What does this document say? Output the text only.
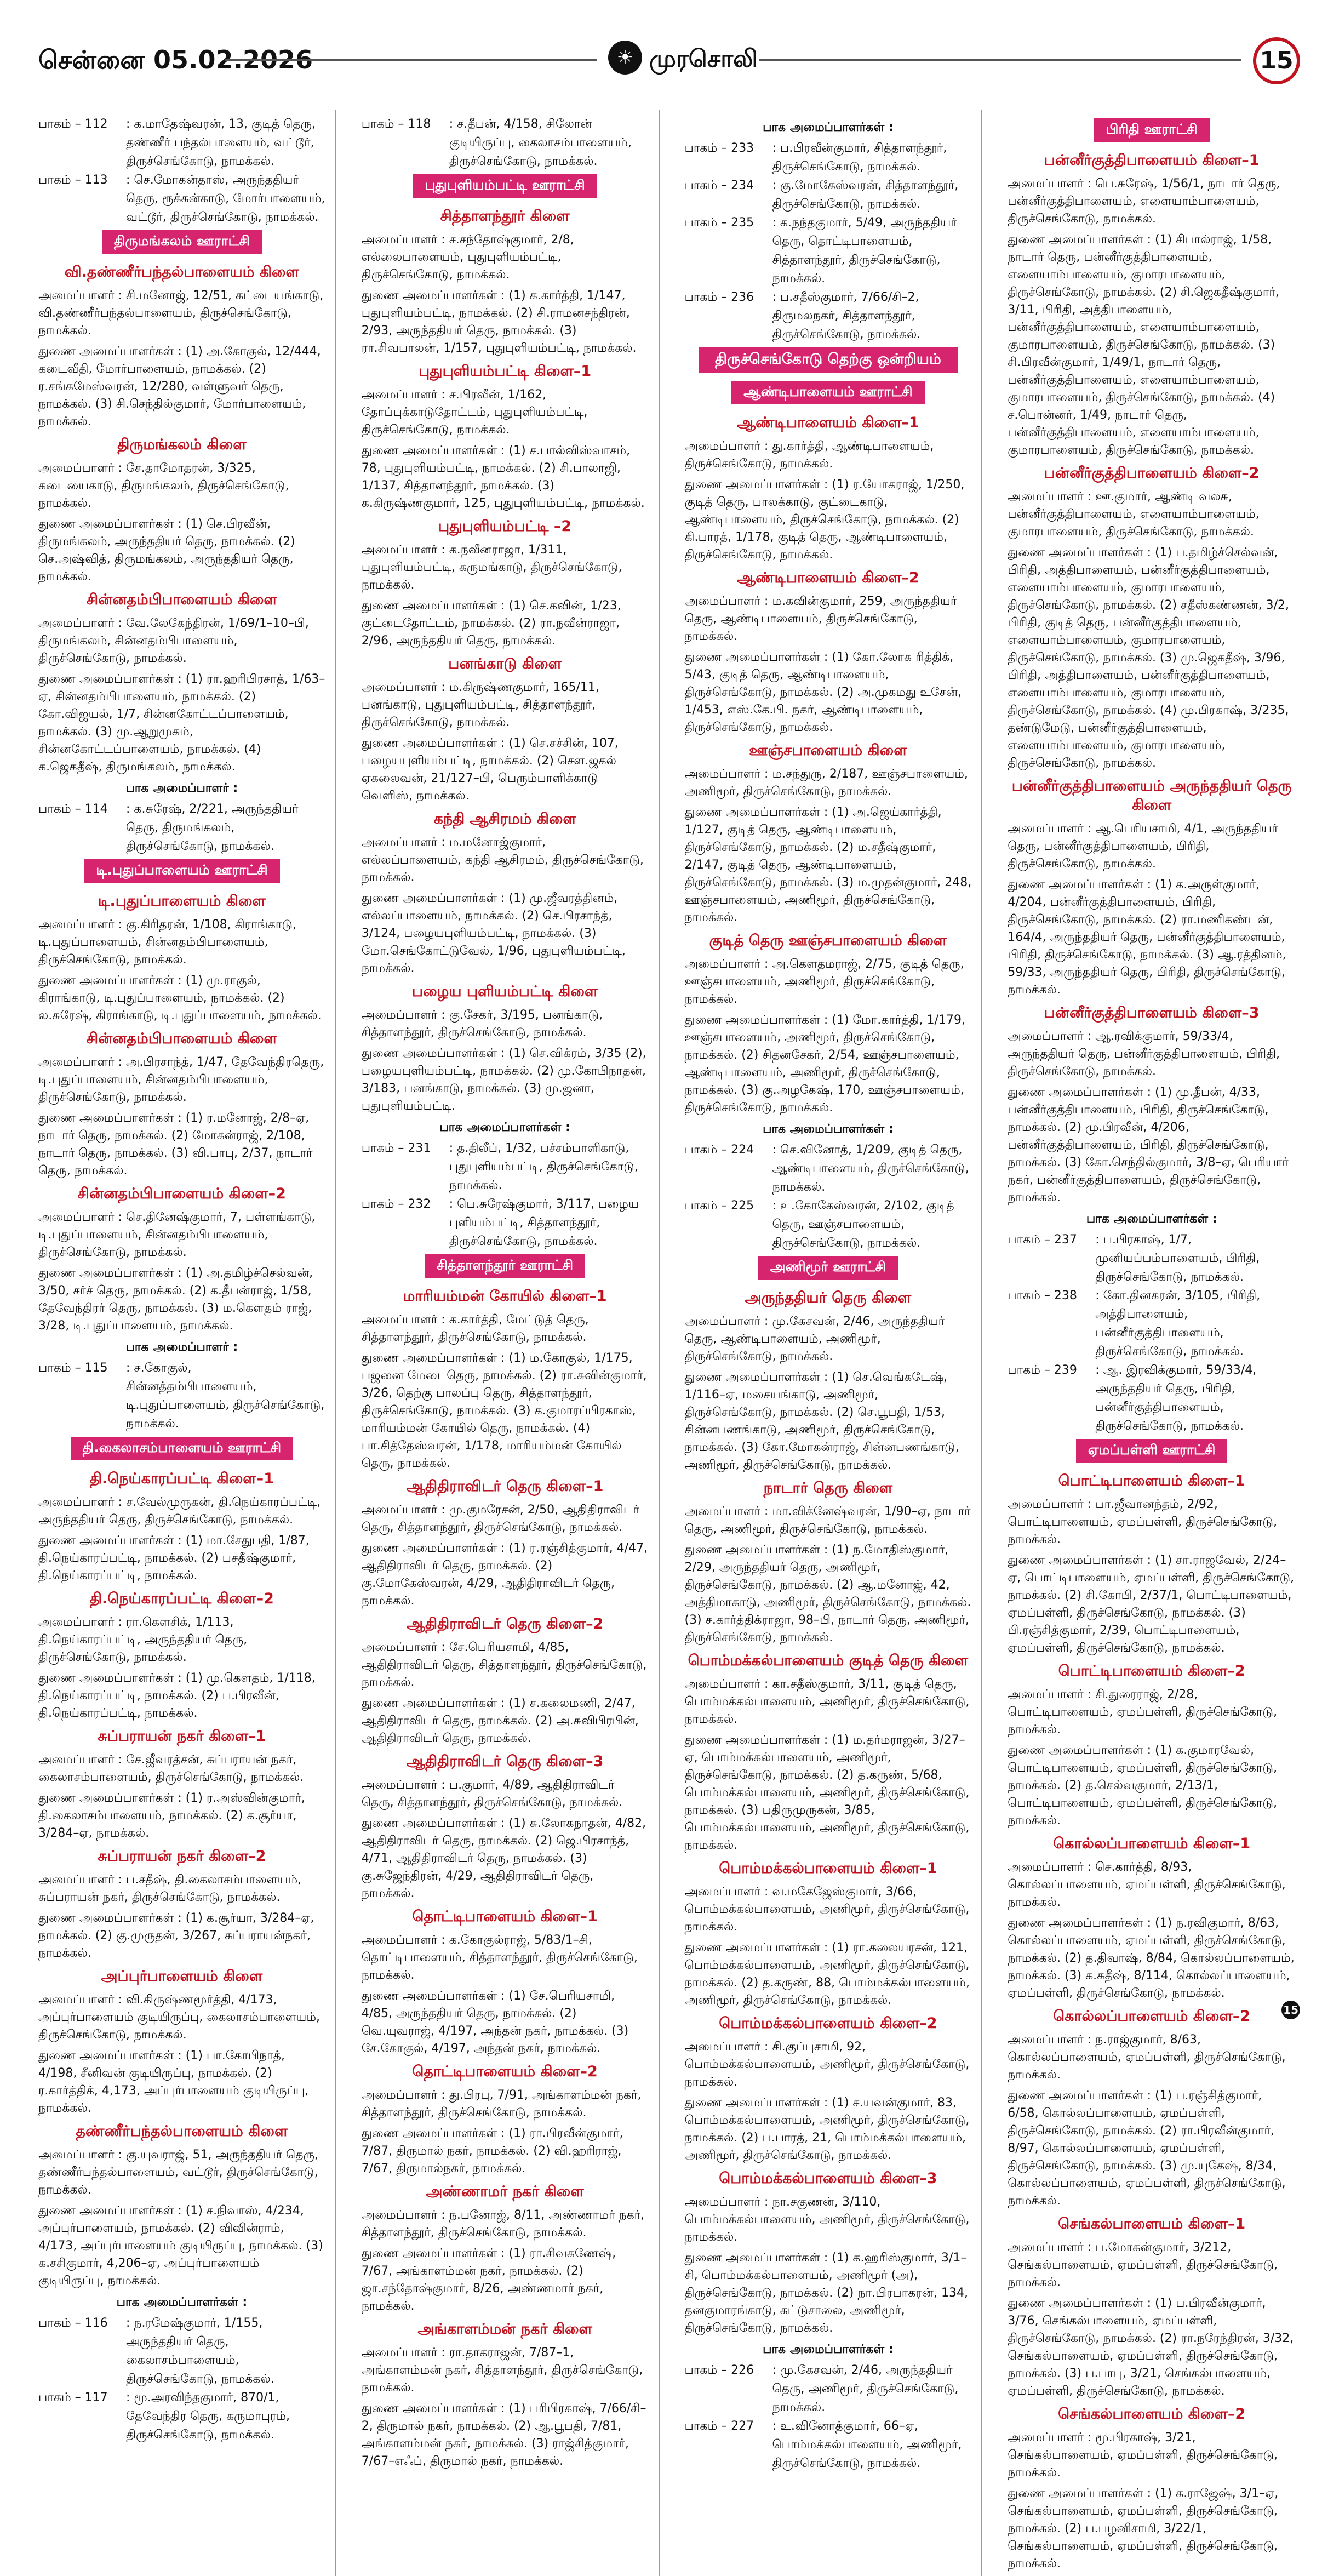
சென்னை 05.02.2026	☀ முரசொலி	15
பாகம் – 112	: க.மாதேஷ்வரன், 13, குடித் தெரு, தண்ணீர் பந்தல்பாளையம், வட்டூர், திருச்செங்கோடு, நாமக்கல்.
பாகம் – 113	: செ.மோகன்தாஸ், அருந்ததியர் தெரு, ரூக்கன்காடு, மோர்பாளையம், வட்டூர், திருச்செங்கோடு, நாமக்கல்.
திருமங்கலம் ஊராட்சி
வி.தண்ணீர்பந்தல்பாளையம் கிளை
அமைப்பாளர் : சி.மனோஜ், 12/51, கட்டையங்காடு, வி.தண்ணீர்பந்தல்பாளையம், திருச்செங்கோடு, நாமக்கல்.
துணை அமைப்பாளர்கள் : (1) அ.கோகுல், 12/444, கடைவீதி, மோர்பாளையம், நாமக்கல். (2) ர.சங்கமேஸ்வரன், 12/280, வள்ளுவர் தெரு, நாமக்கல். (3) சி.செந்தில்குமார், மோர்பாளையம், நாமக்கல்.
திருமங்கலம் கிளை
அமைப்பாளர் : சே.தாமோதரன், 3/325, கடையைகாடு, திருமங்கலம், திருச்செங்கோடு, நாமக்கல்.
துணை அமைப்பாளர்கள் : (1) செ.பிரவீன், திருமங்கலம், அருந்ததியர் தெரு, நாமக்கல். (2) செ.அஷ்வித், திருமங்கலம், அருந்ததியர் தெரு, நாமக்கல்.
சின்னதம்பிபாளையம் கிளை
அமைப்பாளர் : வே.லேகேந்திரன், 1/69/1–10–பி, திருமங்கலம், சின்னதம்பிபாளையம், திருச்செங்கோடு, நாமக்கல்.
துணை அமைப்பாளர்கள் : (1) ரா.ஹரிபிரசாத், 1/63–ஏ, சின்னதம்பிபாளையம், நாமக்கல். (2) கோ.விஜயல், 1/7, சின்னகோட்டப்பாளையம், நாமக்கல். (3) மு.ஆறுமுகம், சின்னகோட்டப்பாளையம், நாமக்கல். (4) க.ஜெகதீஷ், திருமங்கலம், நாமக்கல்.
பாக அமைப்பாளர் :
பாகம் – 114	: க.சுரேஷ், 2/221, அருந்ததியர் தெரு, திருமங்கலம், திருச்செங்கோடு, நாமக்கல்.
டி.புதுப்பாளையம் ஊராட்சி
டி.புதுப்பாளையம் கிளை
அமைப்பாளர் : கு.கிரிதரன், 1/108, கிராங்காடு, டி.புதுப்பாளையம், சின்னதம்பிபாளையம், திருச்செங்கோடு, நாமக்கல்.
துணை அமைப்பாளர்கள் : (1) மு.ராகுல், கிராங்காடு, டி.புதுப்பாளையம், நாமக்கல். (2) ல.சுரேஷ், கிராங்காடு, டி.புதுப்பாளையம், நாமக்கல்.
சின்னதம்பிபாளையம் கிளை
அமைப்பாளர் : அ.பிரசாந்த், 1/47, தேவேந்திரதெரு, டி.புதுப்பாளையம், சின்னதம்பிபாளையம், திருச்செங்கோடு, நாமக்கல்.
துணை அமைப்பாளர்கள் : (1) ர.மனோஜ், 2/8–ஏ, நாடார் தெரு, நாமக்கல். (2) மோகன்ராஜ், 2/108, நாடார் தெரு, நாமக்கல். (3) வி.பாபு, 2/37, நாடார் தெரு, நாமக்கல்.
சின்னதம்பிபாளையம் கிளை–2
அமைப்பாளர் : செ.தினேஷ்குமார், 7, பள்ளங்காடு, டி.புதுப்பாளையம், சின்னதம்பிபாளையம், திருச்செங்கோடு, நாமக்கல்.
துணை அமைப்பாளர்கள் : (1) அ.தமிழ்ச்செல்வன், 3/50, சர்ச் தெரு, நாமக்கல். (2) க.தீபன்ராஜ், 1/58, தேவேந்திரர் தெரு, நாமக்கல். (3) ம.கௌதம் ராஜ், 3/28, டி.புதுப்பாளையம், நாமக்கல்.
பாக அமைப்பாளர் :
பாகம் – 115	: ச.கோகுல், சின்னத்தம்பிபாளையம், டி.புதுப்பாளையம், திருச்செங்கோடு, நாமக்கல்.
தி.கைலாசம்பாளையம் ஊராட்சி
தி.நெய்காரப்பட்டி கிளை–1
அமைப்பாளர் : ச.வேல்முருகன், தி.நெய்காரப்பட்டி, அருந்ததியர் தெரு, திருச்செங்கோடு, நாமக்கல்.
துணை அமைப்பாளர்கள் : (1) மா.சேதுபதி, 1/87, தி.நெய்காரப்பட்டி, நாமக்கல். (2) பசதீஷ்குமார், தி.நெய்காரப்பட்டி, நாமக்கல்.
தி.நெய்காரப்பட்டி கிளை–2
அமைப்பாளர் : ரா.கௌசிக், 1/113, தி.நெய்காரப்பட்டி, அருந்ததியர் தெரு, திருச்செங்கோடு, நாமக்கல்.
துணை அமைப்பாளர்கள் : (1) மு.கௌதம், 1/118, தி.நெய்காரப்பட்டி, நாமக்கல். (2) ப.பிரவீன், தி.நெய்காரப்பட்டி, நாமக்கல்.
சுப்பராயன் நகர் கிளை–1
அமைப்பாளர் : சே.ஜீவரத்சன், சுப்பராயன் நகர், கைலாசம்பாளையம், திருச்செங்கோடு, நாமக்கல்.
துணை அமைப்பாளர்கள் : (1) ர.அஸ்வின்குமார், தி.கைலாசம்பாளையம், நாமக்கல். (2) க.சூர்யா, 3/284–ஏ, நாமக்கல்.
சுப்பராயன் நகர் கிளை–2
அமைப்பாளர் : ப.சதீஷ், தி.கைலாசம்பாளையம், சுப்பராயன் நகர், திருச்செங்கோடு, நாமக்கல்.
துணை அமைப்பாளர்கள் : (1) க.சூர்யா, 3/284–ஏ, நாமக்கல். (2) கு.முருதன், 3/267, சுப்பராயன்நகர், நாமக்கல்.
அப்புர்பாளையம் கிளை
அமைப்பாளர் : வி.கிருஷ்ணமூர்த்தி, 4/173, அப்புர்பாளையம் குடியிருப்பு, கைலாசம்பாளையம், திருச்செங்கோடு, நாமக்கல்.
துணை அமைப்பாளர்கள் : (1) பா.கோபிநாத், 4/198, சீனிவன் குடியிருப்பு, நாமக்கல். (2) ர.கார்த்திக், 4,173, அப்புர்பாளையம் குடியிருப்பு, நாமக்கல்.
தண்ணீர்பந்தல்பாளையம் கிளை
அமைப்பாளர் : கு.யுவராஜ், 51, அருந்ததியர் தெரு, தண்ணீர்பந்தல்பாளையம், வட்டூர், திருச்செங்கோடு, நாமக்கல்.
துணை அமைப்பாளர்கள் : (1) ச.நிவாஸ், 4/234, அப்புர்பாளையம், நாமக்கல். (2) விவின்ராம், 4/173, அப்புர்பாளையம் குடியிருப்பு, நாமக்கல். (3) க.சசிகுமார், 4,206–ஏ, அப்புர்பாளையம் குடியிருப்பு, நாமக்கல்.
பாக அமைப்பாளர்கள் :
பாகம் – 116	: ந.ரமேஷ்குமார், 1/155, அருந்ததியர் தெரு, கைலாசம்பாளையம், திருச்செங்கோடு, நாமக்கல்.
பாகம் – 117	: மூ.அரவிந்தகுமார், 870/1, தேவேந்திர தெரு, கருமாபுரம், திருச்செங்கோடு, நாமக்கல்.
பாகம் – 118	: ச.தீபன், 4/158, சிலோன் குடியிருப்பு, கைலாசம்பாளையம், திருச்செங்கோடு, நாமக்கல்.
புதுபுளியம்பட்டி ஊராட்சி
சித்தாளந்தூர் கிளை
அமைப்பாளர் : ச.சந்தோஷ்குமார், 2/8, எல்லைபாளையம், புதுபுளியம்பட்டி, திருச்செங்கோடு, நாமக்கல்.
துணை அமைப்பாளர்கள் : (1) க.கார்த்தி, 1/147, புதுபுளியம்பட்டி, நாமக்கல். (2) சி.ராமனசந்திரன், 2/93, அருந்ததியர் தெரு, நாமக்கல். (3) ரா.சிவபாலன், 1/157, புதுபுளியம்பட்டி, நாமக்கல்.
புதுபுளியம்பட்டி கிளை–1
அமைப்பாளர் : ச.பிரவீன், 1/162, தோப்புக்காடுதோட்டம், புதுபுளியம்பட்டி, திருச்செங்கோடு, நாமக்கல்.
துணை அமைப்பாளர்கள் : (1) ச.பால்விஸ்வாசம், 78, புதுபுளியம்பட்டி, நாமக்கல். (2) சி.பாலாஜி, 1/137, சித்தாளந்தூர், நாமக்கல். (3) க.கிருஷ்ணகுமார், 125, புதுபுளியம்பட்டி, நாமக்கல்.
புதுபுளியம்பட்டி –2
அமைப்பாளர் : க.நவீனராஜா, 1/311, புதுபுளியம்பட்டி, கருமங்காடு, திருச்செங்கோடு, நாமக்கல்.
துணை அமைப்பாளர்கள் : (1) செ.கவின், 1/23, குட்டைதோட்டம், நாமக்கல். (2) ரா.நவீன்ராஜா, 2/96, அருந்ததியர் தெரு, நாமக்கல்.
பனங்காடு கிளை
அமைப்பாளர் : ம.கிருஷ்ணகுமார், 165/11, பனங்காடு, புதுபுளியம்பட்டி, சித்தாளந்தூர், திருச்செங்கோடு, நாமக்கல்.
துணை அமைப்பாளர்கள் : (1) செ.சச்சின், 107, பழையபுளியம்பட்டி, நாமக்கல். (2) சௌ.ஜகல் ஏகலைவன், 21/127–பி, பெரும்பாளிக்காடு வெளிஸ், நாமக்கல்.
கந்தி ஆசிரமம் கிளை
அமைப்பாளர் : ம.மனோஜ்குமார், எல்லப்பாளையம், கந்தி ஆசிரமம், திருச்செங்கோடு, நாமக்கல்.
துணை அமைப்பாளர்கள் : (1) மு.ஜீவரத்தினம், எல்லப்பாளையம், நாமக்கல். (2) செ.பிரசாந்த், 3/124, பழையபுளியம்பட்டி, நாமக்கல். (3) மோ.செங்கோட்டுவேல், 1/96, புதுபுளியம்பட்டி, நாமக்கல்.
பழைய புளியம்பட்டி கிளை
அமைப்பாளர் : கு.சேகர், 3/195, பனங்காடு, சித்தாளந்தூர், திருச்செங்கோடு, நாமக்கல்.
துணை அமைப்பாளர்கள் : (1) செ.விக்ரம், 3/35 (2), பழையபுளியம்பட்டி, நாமக்கல். (2) மு.கோபிநாதன், 3/183, பனங்காடு, நாமக்கல். (3) மு.ஜனா, புதுபுளியம்பட்டி.
பாக அமைப்பாளர்கள் :
பாகம் – 231	: த.திலீப், 1/32, பச்சம்பாளிகாடு, புதுபுளியம்பட்டி, திருச்செங்கோடு, நாமக்கல்.
பாகம் – 232	: பெ.சுரேஷ்குமார், 3/117, பழைய புளியம்பட்டி, சித்தாளந்தூர், திருச்செங்கோடு, நாமக்கல்.
சித்தாளந்தூர் ஊராட்சி
மாரியம்மன் கோயில் கிளை–1
அமைப்பாளர் : க.கார்த்தி, மேட்டுத் தெரு, சித்தாளந்தூர், திருச்செங்கோடு, நாமக்கல்.
துணை அமைப்பாளர்கள் : (1) ம.கோகுல், 1/175, பஜனை மேடைதெரு, நாமக்கல். (2) ரா.சுவின்குமார், 3/26, தெற்கு பாலப்பு தெரு, சித்தாளந்தூர், திருச்செங்கோடு, நாமக்கல். (3) க.குமாரப்பிரகாஸ், மாரியம்மன் கோயில் தெரு, நாமக்கல். (4) பா.சித்தேஸ்வரன், 1/178, மாரியம்மன் கோயில் தெரு, நாமக்கல்.
ஆதிதிராவிடர் தெரு கிளை–1
அமைப்பாளர் : மு.குமரேசன், 2/50, ஆதிதிராவிடர் தெரு, சித்தாளந்தூர், திருச்செங்கோடு, நாமக்கல்.
துணை அமைப்பாளர்கள் : (1) ர.ரஞ்சித்குமார், 4/47, ஆதிதிராவிடர் தெரு, நாமக்கல். (2) கு.மோகேஸ்வரன், 4/29, ஆதிதிராவிடர் தெரு, நாமக்கல்.
ஆதிதிராவிடர் தெரு கிளை–2
அமைப்பாளர் : சே.பெரியசாமி, 4/85, ஆதிதிராவிடர் தெரு, சித்தாளந்தூர், திருச்செங்கோடு, நாமக்கல்.
துணை அமைப்பாளர்கள் : (1) ச.கலைமணி, 2/47, ஆதிதிராவிடர் தெரு, நாமக்கல். (2) அ.சுவிபிரபின், ஆதிதிராவிடர் தெரு, நாமக்கல்.
ஆதிதிராவிடர் தெரு கிளை–3
அமைப்பாளர் : ப.குமார், 4/89, ஆதிதிராவிடர் தெரு, சித்தாளந்தூர், திருச்செங்கோடு, நாமக்கல்.
துணை அமைப்பாளர்கள் : (1) சு.லோகநாதன், 4/82, ஆதிதிராவிடர் தெரு, நாமக்கல். (2) ஜெ.பிரசாந்த், 4/71, ஆதிதிராவிடர் தெரு, நாமக்கல். (3) கு.சுஜேந்திரன், 4/29, ஆதிதிராவிடர் தெரு, நாமக்கல்.
தொட்டிபாளையம் கிளை–1
அமைப்பாளர் : க.கோகுல்ராஜ், 5/83/1–சி, தொட்டிபாளையம், சித்தாளந்தூர், திருச்செங்கோடு, நாமக்கல்.
துணை அமைப்பாளர்கள் : (1) சே.பெரியசாமி, 4/85, அருந்ததியர் தெரு, நாமக்கல். (2) வெ.யுவராஜ், 4/197, அந்தன் நகர், நாமக்கல். (3) சே.கோகுல், 4/197, அந்தன் நகர், நாமக்கல்.
தொட்டிபாளையம் கிளை–2
அமைப்பாளர் : து.பிரபு, 7/91, அங்காளம்மன் நகர், சித்தாளந்தூர், திருச்செங்கோடு, நாமக்கல்.
துணை அமைப்பாளர்கள் : (1) ரா.பிரவீன்குமார், 7/87, திருமால் நகர், நாமக்கல். (2) வி.ஹரிராஜ், 7/67, திருமால்நகர், நாமக்கல்.
அண்ணாமர் நகர் கிளை
அமைப்பாளர் : ந.பனோஜ், 8/11, அண்ணாமர் நகர், சித்தாளந்தூர், திருச்செங்கோடு, நாமக்கல்.
துணை அமைப்பாளர்கள் : (1) ரா.சிவகணேஷ், 7/67, அங்காளம்மன் நகர், நாமக்கல். (2) ஜா.சந்தோஷ்குமார், 8/26, அண்ணமார் நகர், நாமக்கல்.
அங்காளம்மன் நகர் கிளை
அமைப்பாளர் : ரா.தாகராஜன், 7/87–1, அங்காளம்மன் நகர், சித்தாளந்தூர், திருச்செங்கோடு, நாமக்கல்.
துணை அமைப்பாளர்கள் : (1) பரிபிரகாஷ், 7/66/சி–2, திருமால் நகர், நாமக்கல். (2) ஆ.பூபதி, 7/81, அங்காளம்மன் நகர், நாமக்கல். (3) ராஜ்சித்குமார், 7/67–எஃப், திருமால் நகர், நாமக்கல்.
பாக அமைப்பாளர்கள் :
பாகம் – 233	: ப.பிரவீன்குமார், சித்தாளந்தூர், திருச்செங்கோடு, நாமக்கல்.
பாகம் – 234	: கு.மோகேஸ்வரன், சித்தாளந்தூர், திருச்செங்கோடு, நாமக்கல்.
பாகம் – 235	: க.நந்தகுமார், 5/49, அருந்ததியர் தெரு, தொட்டிபாளையம், சித்தாளந்தூர், திருச்செங்கோடு, நாமக்கல்.
பாகம் – 236	: ப.சதீஸ்குமார், 7/66/சி–2, திருமலநகர், சித்தாளந்தூர், திருச்செங்கோடு, நாமக்கல்.
திருச்செங்கோடு தெற்கு ஒன்றியம்
ஆண்டிபாளையம் ஊராட்சி
ஆண்டிபாளையம் கிளை–1
அமைப்பாளர் : து.கார்த்தி, ஆண்டிபாளையம், திருச்செங்கோடு, நாமக்கல்.
துணை அமைப்பாளர்கள் : (1) ர.யோகராஜ், 1/250, குடித் தெரு, பாலக்காடு, குட்டைகாடு, ஆண்டிபாளையம், திருச்செங்கோடு, நாமக்கல். (2) கி.பாரத், 1/178, குடித் தெரு, ஆண்டிபாளையம், திருச்செங்கோடு, நாமக்கல்.
ஆண்டிபாளையம் கிளை–2
அமைப்பாளர் : ம.கவின்குமார், 259, அருந்ததியர் தெரு, ஆண்டிபாளையம், திருச்செங்கோடு, நாமக்கல்.
துணை அமைப்பாளர்கள் : (1) கோ.லோக ரித்திக், 5/43, குடித் தெரு, ஆண்டிபாளையம், திருச்செங்கோடு, நாமக்கல். (2) அ.முகமது உசேன், 1/453, எஸ்.கே.பி. நகர், ஆண்டிபாளையம், திருச்செங்கோடு, நாமக்கல்.
ஊஞ்சபாளையம் கிளை
அமைப்பாளர் : ம.சந்துரு, 2/187, ஊஞ்சபாளையம், அணிமூர், திருச்செங்கோடு, நாமக்கல்.
துணை அமைப்பாளர்கள் : (1) அ.ஜெய்கார்த்தி, 1/127, குடித் தெரு, ஆண்டிபாளையம், திருச்செங்கோடு, நாமக்கல். (2) ம.சதீஷ்குமார், 2/147, குடித் தெரு, ஆண்டிபாளையம், திருச்செங்கோடு, நாமக்கல். (3) ம.முதன்குமார், 248, ஊஞ்சபாளையம், அணிமூர், திருச்செங்கோடு, நாமக்கல்.
குடித் தெரு ஊஞ்சபாளையம் கிளை
அமைப்பாளர் : அ.கௌதமராஜ், 2/75, குடித் தெரு, ஊஞ்சபாளையம், அணிமூர், திருச்செங்கோடு, நாமக்கல்.
துணை அமைப்பாளர்கள் : (1) மோ.கார்த்தி, 1/179, ஊஞ்சபாளையம், அணிமூர், திருச்செங்கோடு, நாமக்கல். (2) சிதனசேகர், 2/54, ஊஞ்சபாளையம், ஆண்டிபாளையம், அணிமூர், திருச்செங்கோடு, நாமக்கல். (3) கு.அழகேஷ், 170, ஊஞ்சபாளையம், திருச்செங்கோடு, நாமக்கல்.
பாக அமைப்பாளர்கள் :
பாகம் – 224	: செ.வினோத், 1/209, குடித் தெரு, ஆண்டிபாளையம், திருச்செங்கோடு, நாமக்கல்.
பாகம் – 225	: உ.கோகேஸ்வரன், 2/102, குடித் தெரு, ஊஞ்சபாளையம், திருச்செங்கோடு, நாமக்கல்.
அணிமூர் ஊராட்சி
அருந்ததியர் தெரு கிளை
அமைப்பாளர் : மு.கேசவன், 2/46, அருந்ததியர் தெரு, ஆண்டிபாளையம், அணிமூர், திருச்செங்கோடு, நாமக்கல்.
துணை அமைப்பாளர்கள் : (1) செ.வெங்கடேஷ், 1/116–ஏ, மசையங்காடு, அணிமூர், திருச்செங்கோடு, நாமக்கல். (2) செ.பூபதி, 1/53, சின்னபணங்காடு, அணிமூர், திருச்செங்கோடு, நாமக்கல். (3) கோ.மோகன்ராஜ், சின்னபணங்காடு, அணிமூர், திருச்செங்கோடு, நாமக்கல்.
நாடார் தெரு கிளை
அமைப்பாளர் : மா.விக்னேஷ்வரன், 1/90–ஏ, நாடார் தெரு, அணிமூர், திருச்செங்கோடு, நாமக்கல்.
துணை அமைப்பாளர்கள் : (1) ந.மோதிஸ்குமார், 2/29, அருந்ததியர் தெரு, அணிமூர், திருச்செங்கோடு, நாமக்கல். (2) ஆ.மனோஜ், 42, அத்திமாகாடு, அணிமூர், திருச்செங்கோடு, நாமக்கல். (3) ச.கார்த்திக்ராஜா, 98–பி, நாடார் தெரு, அணிமூர், திருச்செங்கோடு, நாமக்கல்.
பொம்மக்கல்பாளையம் குடித் தெரு கிளை
அமைப்பாளர் : கா.சதீஸ்குமார், 3/11, குடித் தெரு, பொம்மக்கல்பாளையம், அணிமூர், திருச்செங்கோடு, நாமக்கல்.
துணை அமைப்பாளர்கள் : (1) ம.தர்மராஜன், 3/27–ஏ, பொம்மக்கல்பாளையம், அணிமூர், திருச்செங்கோடு, நாமக்கல். (2) த.கருண், 5/68, பொம்மக்கல்பாளையம், அணிமூர், திருச்செங்கோடு, நாமக்கல். (3) பதிருமுருகன், 3/85, பொம்மக்கல்பாளையம், அணிமூர், திருச்செங்கோடு, நாமக்கல்.
பொம்மக்கல்பாளையம் கிளை–1
அமைப்பாளர் : வ.மகேஜேஸ்குமார், 3/66, பொம்மக்கல்பாளையம், அணிமூர், திருச்செங்கோடு, நாமக்கல்.
துணை அமைப்பாளர்கள் : (1) ரா.கலையரசன், 121, பொம்மக்கல்பாளையம், அணிமூர், திருச்செங்கோடு, நாமக்கல். (2) த.கருண், 88, பொம்மக்கல்பாளையம், அணிமூர், திருச்செங்கோடு, நாமக்கல்.
பொம்மக்கல்பாளையம் கிளை–2
அமைப்பாளர் : சி.குப்புசாமி, 92, பொம்மக்கல்பாளையம், அணிமூர், திருச்செங்கோடு, நாமக்கல்.
துணை அமைப்பாளர்கள் : (1) ச.யவன்குமார், 83, பொம்மக்கல்பாளையம், அணிமூர், திருச்செங்கோடு, நாமக்கல். (2) ப.பாரத், 21, பொம்மக்கல்பாளையம், அணிமூர், திருச்செங்கோடு, நாமக்கல்.
பொம்மக்கல்பாளையம் கிளை–3
அமைப்பாளர் : நா.சகுணன், 3/110, பொம்மக்கல்பாளையம், அணிமூர், திருச்செங்கோடு, நாமக்கல்.
துணை அமைப்பாளர்கள் : (1) க.ஹரிஸ்குமார், 3/1–சி, பொம்மக்கல்பாளையம், அணிமூர் (அ), திருச்செங்கோடு, நாமக்கல். (2) நா.பிரபாகரன், 134, தனகுமாரங்காடு, கட்டுசாலை, அணிமூர், திருச்செங்கோடு, நாமக்கல்.
பாக அமைப்பாளர்கள் :
பாகம் – 226	: மு.கேசவன், 2/46, அருந்ததியர் தெரு, அணிமூர், திருச்செங்கோடு, நாமக்கல்.
பாகம் – 227	: உ.வினோத்குமார், 66–ஏ, பொம்மக்கல்பாளையம், அணிமூர், திருச்செங்கோடு, நாமக்கல்.
பிரிதி ஊராட்சி
பன்னீர்குத்திபாளையம் கிளை–1
அமைப்பாளர் : பெ.சுரேஷ், 1/56/1, நாடார் தெரு, பன்னீர்குத்திபாளையம், எளையாம்பாளையம், திருச்செங்கோடு, நாமக்கல்.
துணை அமைப்பாளர்கள் : (1) சிபால்ராஜ், 1/58, நாடார் தெரு, பன்னீர்குத்திபாளையம், எளையாம்பாளையம், குமாரபாளையம், திருச்செங்கோடு, நாமக்கல். (2) சி.ஜெகதீஷ்குமார், 3/11, பிரிதி, அத்திபாளையம், பன்னீர்குத்திபாளையம், எளையாம்பாளையம், குமாரபாளையம், திருச்செங்கோடு, நாமக்கல். (3) சி.பிரவீன்குமார், 1/49/1, நாடார் தெரு, பன்னீர்குத்திபாளையம், எளையாம்பாளையம், குமாரபாளையம், திருச்செங்கோடு, நாமக்கல். (4) ச.பொன்னர், 1/49, நாடார் தெரு, பன்னீர்குத்திபாளையம், எளையாம்பாளையம், குமாரபாளையம், திருச்செங்கோடு, நாமக்கல்.
பன்னீர்குத்திபாளையம் கிளை–2
அமைப்பாளர் : ஊ.குமார், ஆண்டி வலசு, பன்னீர்குத்திபாளையம், எளையாம்பாளையம், குமாரபாளையம், திருச்செங்கோடு, நாமக்கல்.
துணை அமைப்பாளர்கள் : (1) ப.தமிழ்ச்செல்வன், பிரிதி, அத்திபாளையம், பன்னீர்குத்திபாளையம், எளையாம்பாளையம், குமாரபாளையம், திருச்செங்கோடு, நாமக்கல். (2) சதீஸ்கண்ணன், 3/2, பிரிதி, குடித் தெரு, பன்னீர்குத்திபாளையம், எளையாம்பாளையம், குமாரபாளையம், திருச்செங்கோடு, நாமக்கல். (3) மு.ஜெகதீஷ், 3/96, பிரிதி, அத்திபாளையம், பன்னீர்குத்திபாளையம், எளையாம்பாளையம், குமாரபாளையம், திருச்செங்கோடு, நாமக்கல். (4) மு.பிரகாஷ், 3/235, தண்டுமேடு, பன்னீர்குத்திபாளையம், எளையாம்பாளையம், குமாரபாளையம், திருச்செங்கோடு, நாமக்கல்.
பன்னீர்குத்திபாளையம் அருந்ததியர் தெரு கிளை
அமைப்பாளர் : ஆ.பெரியசாமி, 4/1, அருந்ததியர் தெரு, பன்னீர்குத்திபாளையம், பிரிதி, திருச்செங்கோடு, நாமக்கல்.
துணை அமைப்பாளர்கள் : (1) க.அருள்குமார், 4/204, பன்னீர்குத்திபாளையம், பிரிதி, திருச்செங்கோடு, நாமக்கல். (2) ரா.மணிகண்டன், 164/4, அருந்ததியர் தெரு, பன்னீர்குத்திபாளையம், பிரிதி, திருச்செங்கோடு, நாமக்கல். (3) ஆ.ரத்தினம், 59/33, அருந்ததியர் தெரு, பிரிதி, திருச்செங்கோடு, நாமக்கல்.
பன்னீர்குத்திபாளையம் கிளை–3
அமைப்பாளர் : ஆ.ரவிக்குமார், 59/33/4, அருந்ததியர் தெரு, பன்னீர்குத்திபாளையம், பிரிதி, திருச்செங்கோடு, நாமக்கல்.
துணை அமைப்பாளர்கள் : (1) மு.தீபன், 4/33, பன்னீர்குத்திபாளையம், பிரிதி, திருச்செங்கோடு, நாமக்கல். (2) மு.பிரவீன், 4/206, பன்னீர்குத்திபாளையம், பிரிதி, திருச்செங்கோடு, நாமக்கல். (3) கோ.செந்தில்குமார், 3/8–ஏ, பெரியார் நகர், பன்னீர்குத்திபாளையம், திருச்செங்கோடு, நாமக்கல்.
பாக அமைப்பாளர்கள் :
பாகம் – 237	: ப.பிரகாஷ், 1/7, முனியப்பம்பாளையம், பிரிதி, திருச்செங்கோடு, நாமக்கல்.
பாகம் – 238	: கோ.தினகரன், 3/105, பிரிதி, அத்திபாளையம், பன்னீர்குத்திபாளையம், திருச்செங்கோடு, நாமக்கல்.
பாகம் – 239	: ஆ. இரவிக்குமார், 59/33/4, அருந்ததியர் தெரு, பிரிதி, பன்னீர்குத்திபாளையம், திருச்செங்கோடு, நாமக்கல்.
ஏமப்பள்ளி ஊராட்சி
பொட்டிபாளையம் கிளை–1
அமைப்பாளர் : பா.ஜீவானந்தம், 2/92, பொட்டிபாளையம், ஏமப்பள்ளி, திருச்செங்கோடு, நாமக்கல்.
துணை அமைப்பாளர்கள் : (1) சா.ராஜவேல், 2/24–ஏ, பொட்டிபாளையம், ஏமப்பள்ளி, திருச்செங்கோடு, நாமக்கல். (2) சி.கோபி, 2/37/1, பொட்டிபாளையம், ஏமப்பள்ளி, திருச்செங்கோடு, நாமக்கல். (3) பி.ரஞ்சித்குமார், 2/39, பொட்டிபாளையம், ஏமப்பள்ளி, திருச்செங்கோடு, நாமக்கல்.
பொட்டிபாளையம் கிளை–2
அமைப்பாளர் : சி.துரைராஜ், 2/28, பொட்டிபாளையம், ஏமப்பள்ளி, திருச்செங்கோடு, நாமக்கல்.
துணை அமைப்பாளர்கள் : (1) க.குமாரவேல், பொட்டிபாளையம், ஏமப்பள்ளி, திருச்செங்கோடு, நாமக்கல். (2) த.செல்வகுமார், 2/13/1, பொட்டிபாளையம், ஏமப்பள்ளி, திருச்செங்கோடு, நாமக்கல்.
கொல்லப்பாளையம் கிளை–1
அமைப்பாளர் : செ.கார்த்தி, 8/93, கொல்லப்பாளையம், ஏமப்பள்ளி, திருச்செங்கோடு, நாமக்கல்.
துணை அமைப்பாளர்கள் : (1) ந.ரவிகுமார், 8/63, கொல்லப்பாளையம், ஏமப்பள்ளி, திருச்செங்கோடு, நாமக்கல். (2) த.திவாஷ், 8/84, கொல்லப்பாளையம், நாமக்கல். (3) க.சுதீஷ், 8/114, கொல்லப்பாளையம், ஏமப்பள்ளி, திருச்செங்கோடு, நாமக்கல்.
கொல்லப்பாளையம் கிளை–2
அமைப்பாளர் : ந.ராஜ்குமார், 8/63, கொல்லப்பாளையம், ஏமப்பள்ளி, திருச்செங்கோடு, நாமக்கல்.
துணை அமைப்பாளர்கள் : (1) ப.ரஞ்சித்குமார், 6/58, கொல்லப்பாளையம், ஏமப்பள்ளி, திருச்செங்கோடு, நாமக்கல். (2) ரா.பிரவீன்குமார், 8/97, கொல்லப்பாளையம், ஏமப்பள்ளி, திருச்செங்கோடு, நாமக்கல். (3) மு.யுகேஷ், 8/34, கொல்லப்பாளையம், ஏமப்பள்ளி, திருச்செங்கோடு, நாமக்கல்.
செங்கல்பாளையம் கிளை–1
அமைப்பாளர் : ப.மோகன்குமார், 3/212, செங்கல்பாளையம், ஏமப்பள்ளி, திருச்செங்கோடு, நாமக்கல்.
துணை அமைப்பாளர்கள் : (1) ப.பிரவீன்குமார், 3/76, செங்கல்பாளையம், ஏமப்பள்ளி, திருச்செங்கோடு, நாமக்கல். (2) ரா.நரேந்திரன், 3/32, செங்கல்பாளையம், ஏமப்பள்ளி, திருச்செங்கோடு, நாமக்கல். (3) ப.பாபு, 3/21, செங்கல்பாளையம், ஏமப்பள்ளி, திருச்செங்கோடு, நாமக்கல்.
செங்கல்பாளையம் கிளை–2
அமைப்பாளர் : மூ.பிரகாஷ், 3/21, செங்கல்பாளையம், ஏமப்பள்ளி, திருச்செங்கோடு, நாமக்கல்.
துணை அமைப்பாளர்கள் : (1) க.ராஜேஷ், 3/1–ஏ, செங்கல்பாளையம், ஏமப்பள்ளி, திருச்செங்கோடு, நாமக்கல். (2) ப.பழனிசாமி, 3/22/1, செங்கல்பாளையம், ஏமப்பள்ளி, திருச்செங்கோடு, நாமக்கல்.
15
